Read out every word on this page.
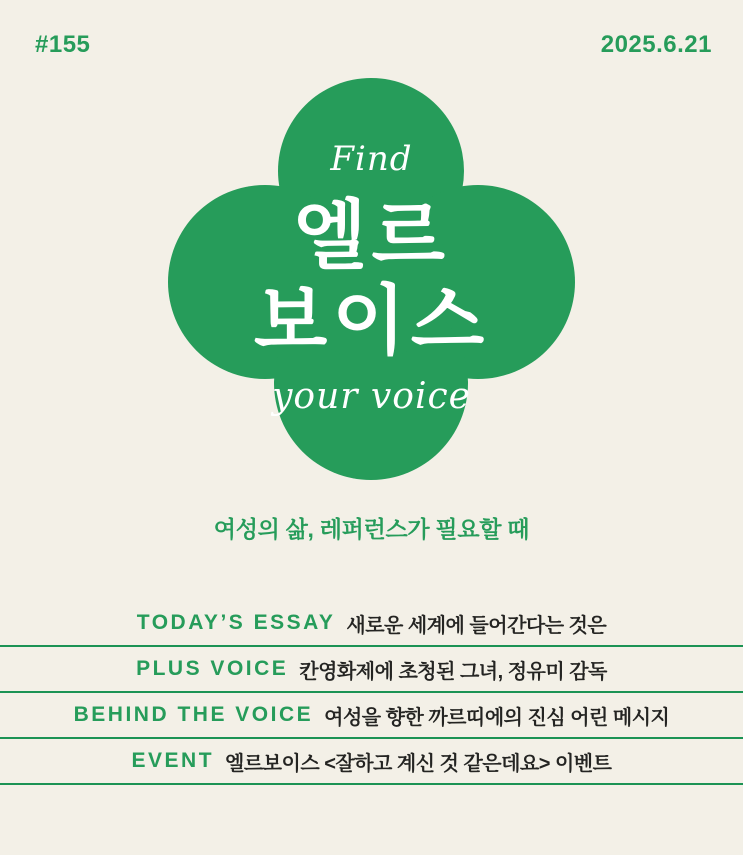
#155	2025.6.21
Find
엘르
보이스
your voice
여성의 삶, 레퍼런스가 필요할 때
TODAY’S ESSAY 새로운 세계에 들어간다는 것은
PLUS VOICE 칸영화제에 초청된 그녀, 정유미 감독
BEHIND THE VOICE 여성을 향한 까르띠에의 진심 어린 메시지
EVENT 엘르보이스 <잘하고 계신 것 같은데요> 이벤트
